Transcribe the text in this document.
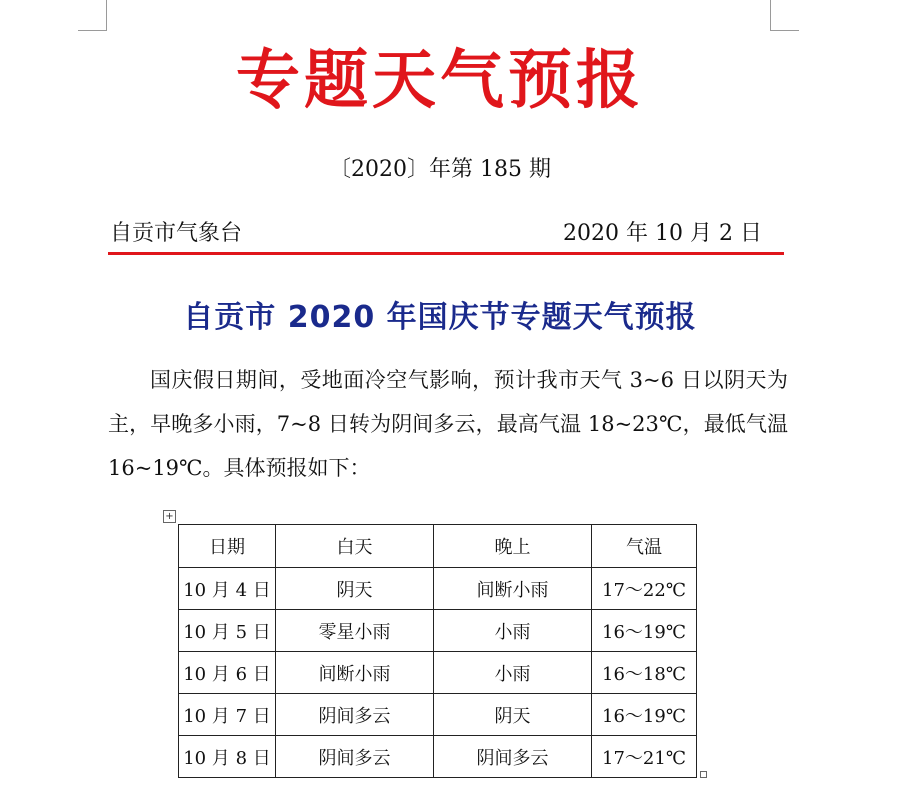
专题天气预报
〔2020〕年第 185 期
自贡市气象台	2020 年 10 月 2 日
自贡市 2020 年国庆节专题天气预报
国庆假日期间，受地面冷空气影响，预计我市天气 3~6 日以阴天为主，早晚多小雨，7~8 日转为阴间多云，最高气温 18~23℃，最低气温 16~19℃。具体预报如下：
+
日期	白天	晚上	气温
10 月 4 日	阴天	间断小雨	17～22℃
10 月 5 日	零星小雨	小雨	16～19℃
10 月 6 日	间断小雨	小雨	16～18℃
10 月 7 日	阴间多云	阴天	16～19℃
10 月 8 日	阴间多云	阴间多云	17～21℃
